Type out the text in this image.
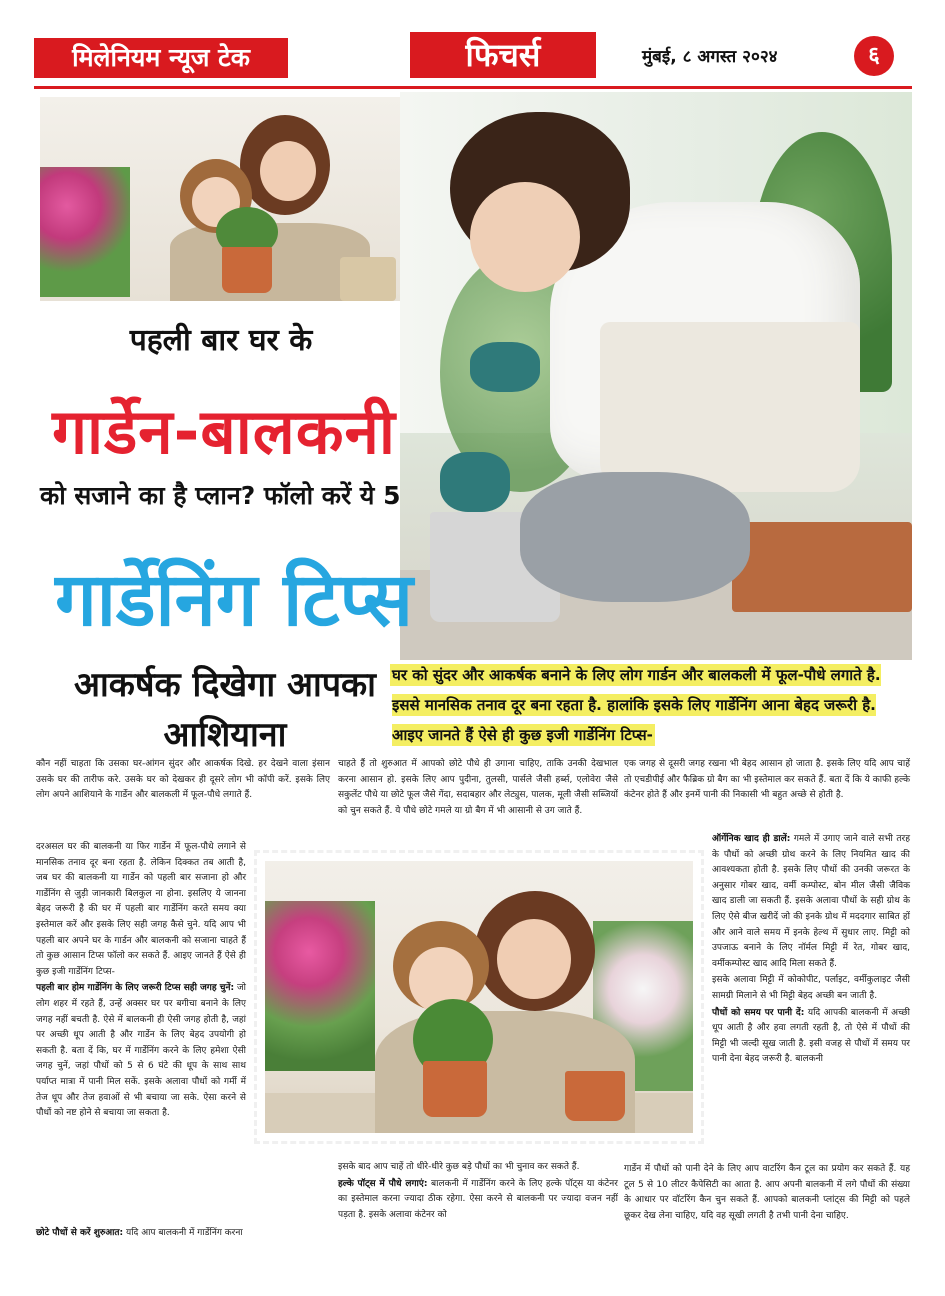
मिलेनियम न्यूज टेक	फिचर्स	मुंबई, ८ अगस्त २०२४	६
पहली बार घर के
गार्डेन-बालकनी
को सजाने का है प्लान? फॉलो करें ये 5
गार्डेनिंग टिप्स
आकर्षक दिखेगा आपका आशियाना
घर को सुंदर और आकर्षक बनाने के लिए लोग गार्डन और बालकली में फूल-पौधे लगाते है. इससे मानसिक तनाव दूर बना रहता है. हालांकि इसके लिए गार्डेनिंग आना बेहद जरूरी है. आइए जानते हैं ऐसे ही कुछ इजी गार्डेनिंग टिप्स-

कौन नहीं चाहता कि उसका घर-आंगन सुंदर और आकर्षक दिखे. हर देखने वाला इंसान उसके घर की तारीफ करे. उसके घर को देखकर ही दूसरे लोग भी कॉपी करें. इसके लिए लोग अपने आशियाने के गार्डेन और बालकली में फूल-पौधे लगाते हैं.

दरअसल घर की बालकनी या फिर गार्डेन में फूल-पौधे लगाने से मानसिक तनाव दूर बना रहता है. लेकिन दिक्कत तब आती है, जब घर की बालकनी या गार्डेन को पहली बार सजाना हो और गार्डेनिंग से जुड़ी जानकारी बिलकुल ना होना. इसलिए ये जानना बेहद जरूरी है की घर में पहली बार गार्डेनिंग करते समय क्या इस्तेमाल करें और इसके लिए सही जगह कैसे चुने. यदि आप भी पहली बार अपने घर के गार्डन और बालकनी को सजाना चाहते हैं तो कुछ आसान टिप्स फॉलो कर सकते हैं. आइए जानते हैं ऐसे ही कुछ इजी गार्डेनिंग टिप्स-

पहली बार होम गार्डेनिंग के लिए जरूरी टिप्स सही जगह चुनें: जो लोग शहर में रहते हैं, उन्हें अक्सर घर पर बगीचा बनाने के लिए जगह नहीं बचती है. ऐसे में बालकनी ही ऐसी जगह होती है, जहां पर अच्छी धूप आती है और गार्डेन के लिए बेहद उपयोगी हो सकती है. बता दें कि, घर में गार्डेनिंग करने के लिए हमेशा ऐसी जगह चुनें, जहां पौधों को 5 से 6 घंटे की धूप के साथ साथ पर्याप्त मात्रा में पानी मिल सकें. इसके अलावा पौधों को गर्मी में तेज धूप और तेज हवाओं से भी बचाया जा सके. ऐसा करने से पौधों को नष्ट होने से बचाया जा सकता है.

छोटे पौधों से करें शुरुआत: यदि आप बालकनी में गार्डेनिंग करना

चाहते हैं तो शुरुआत में आपको छोटे पौधे ही उगाना चाहिए, ताकि उनकी देखभाल करना आसान हो. इसके लिए आप पुदीना, तुलसी, पार्सले जैसी हर्ब्स, एलोवेरा जैसे सकुलेंट पौधे या छोटे फूल जैसे गेंदा, सदाबहार और लेट्युस, पालक, मूली जैसी सब्जियों को चुन सकते हैं. ये पौधे छोटे गमले या ग्रो बैग में भी आसानी से उग जाते हैं.

इसके बाद आप चाहें तो धीरे-धीरे कुछ बड़े पौधों का भी चुनाव कर सकते हैं.

हल्के पॉट्स में पौधे लगाएं: बालकनी में गार्डेनिंग करने के लिए हल्के पॉट्स या कंटेनर का इस्तेमाल करना ज्यादा ठीक रहेगा. ऐसा करने से बालकनी पर ज्यादा वजन नहीं पड़ता है. इसके अलावा कंटेनर को

एक जगह से दूसरी जगह रखना भी बेहद आसान हो जाता है. इसके लिए यदि आप चाहें तो एचडीपीई और फैब्रिक ग्रो बैग का भी इस्तेमाल कर सकते हैं. बता दें कि ये काफी हल्के कंटेनर होते हैं और इनमें पानी की निकासी भी बहुत अच्छे से होती है.

ऑर्गेनिक खाद ही डालें: गमले में उगाए जाने वाले सभी तरह के पौधों को अच्छी ग्रोथ करने के लिए नियमित खाद की आवश्यकता होती है. इसके लिए पौधों की उनकी जरूरत के अनुसार गोबर खाद, वर्मी कम्पोस्ट, बोन मील जैसी जैविक खाद डाली जा सकती हैं. इसके अलावा पौधों के सही ग्रोथ के लिए ऐसे बीज खरीदें जो की इनके ग्रोथ में मददगार साबित हों और आने वाले समय में इनके हेल्थ में सुधार लाए. मिट्टी को उपजाऊ बनाने के लिए नॉर्मल मिट्टी में रेत, गोबर खाद, वर्मीकम्पोस्ट खाद आदि मिला सकते हैं.

इसके अलावा मिट्टी में कोकोपीट, पर्लाइट, वर्मीकुलाइट जैसी सामग्री मिलाने से भी मिट्टी बेहद अच्छी बन जाती है.

पौधों को समय पर पानी दें: यदि आपकी बालकनी में अच्छी धूप आती है और हवा लगती रहती है, तो ऐसे में पौधों की मिट्टी भी जल्दी सूख जाती है. इसी वजह से पौधों में समय पर पानी देना बेहद जरूरी है. बालकनी

गार्डेन में पौधों को पानी देने के लिए आप वाटरिंग कैन टूल का प्रयोग कर सकते हैं. यह टूल 5 से 10 लीटर कैपेसिटी का आता है. आप अपनी बालकनी में लगे पौधों की संख्या के आधार पर वॉटरिंग कैन चुन सकते हैं. आपको बालकनी प्लांट्स की मिट्टी को पहले छूकर देख लेना चाहिए, यदि वह सूखी लगती है तभी पानी देना चाहिए.
